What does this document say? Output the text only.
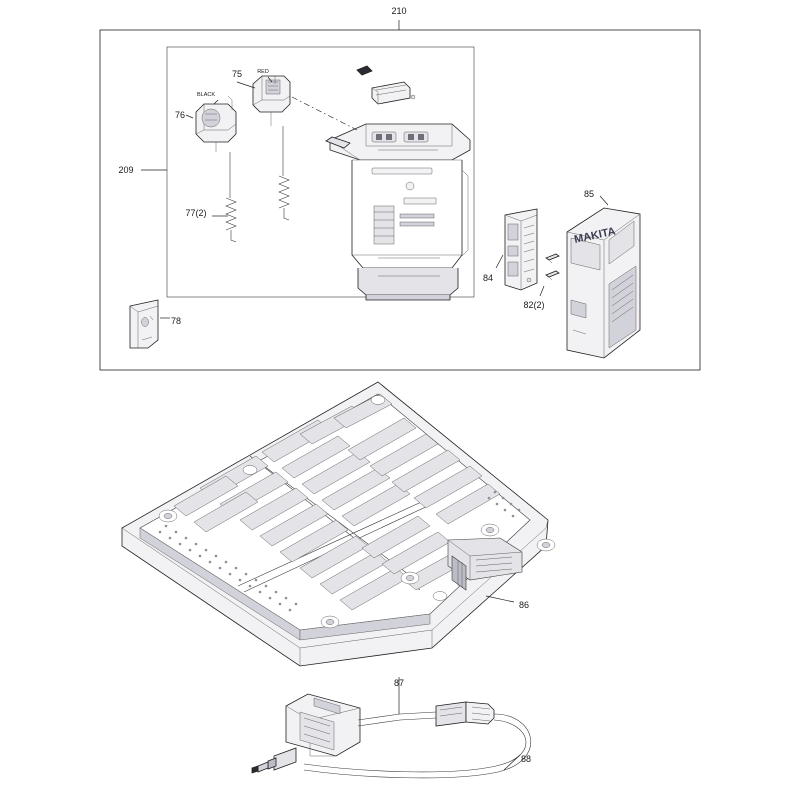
MAKITA
210
209
75
76
77(2)
78
84
82(2)
85
86
87
88
BLACK
RED
